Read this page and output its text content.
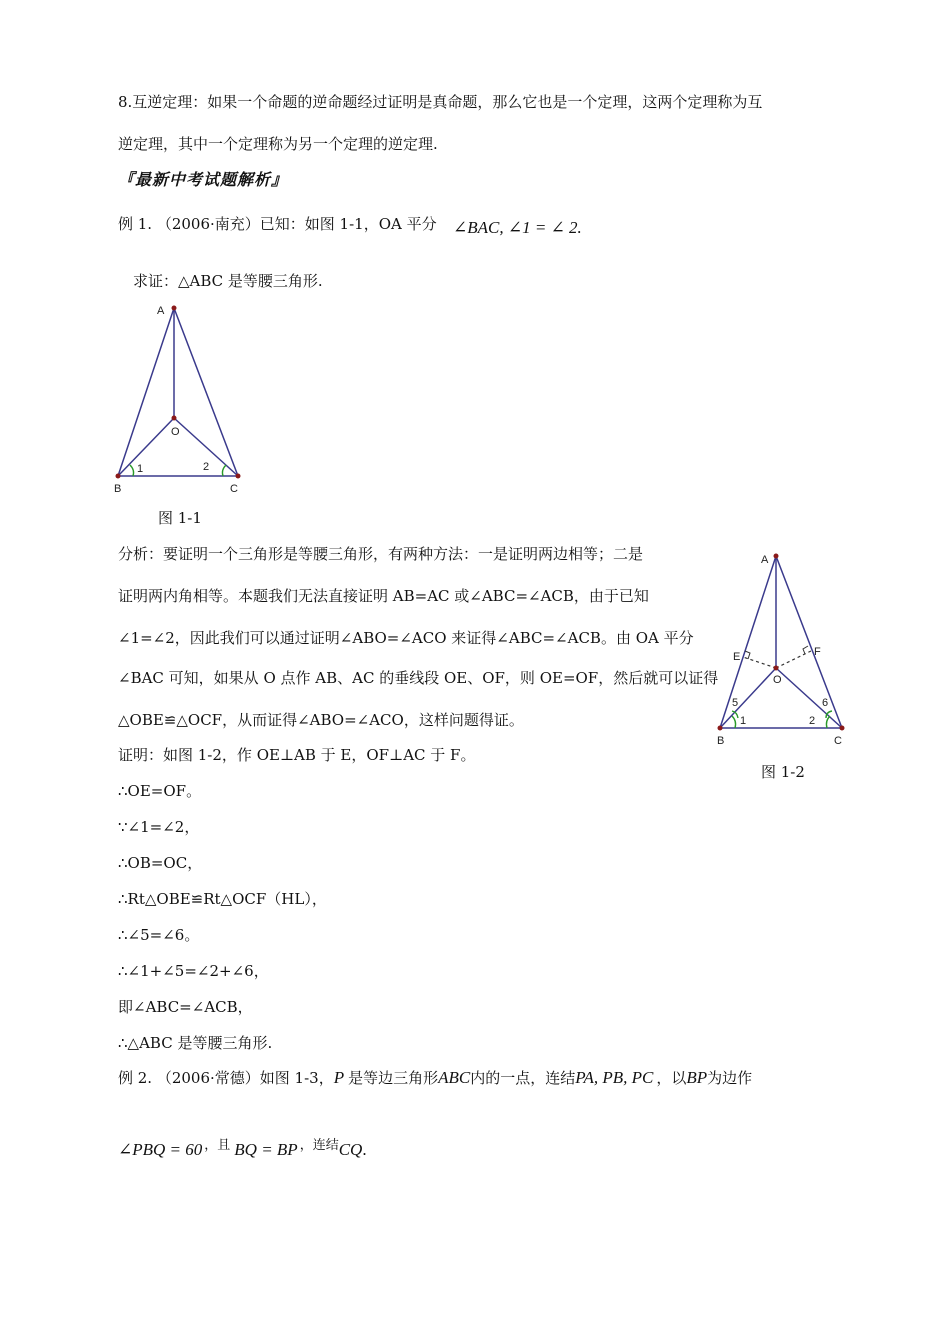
8.互逆定理：如果一个命题的逆命题经过证明是真命题，那么它也是一个定理，这两个定理称为互
逆定理，其中一个定理称为另一个定理的逆定理.
『最新中考试题解析』
例 1. （2006·南充）已知：如图 1-1，OA 平分 ∠BAC, ∠1 = ∠ 2.
求证：△ABC 是等腰三角形.
A
O
1	2
B	C
图 1-1
分析：要证明一个三角形是等腰三角形，有两种方法：一是证明两边相等；二是
证明两内角相等。本题我们无法直接证明 AB=AC 或∠ABC=∠ACB，由于已知
∠1=∠2，因此我们可以通过证明∠ABO=∠ACO 来证得∠ABC=∠ACB。由 OA 平分
∠BAC 可知，如果从 O 点作 AB、AC 的垂线段 OE、OF，则 OE=OF，然后就可以证得
△OBE≌△OCF，从而证得∠ABO=∠ACO，这样问题得证。
A
E	F
O
5	6
1	2
B	C
图 1-2
证明：如图 1-2，作 OE⊥AB 于 E，OF⊥AC 于 F。
∴OE=OF。
∵∠1=∠2，
∴OB=OC，
∴Rt△OBE≌Rt△OCF（HL），
∴∠5=∠6。
∴∠1+∠5=∠2+∠6，
即∠ABC=∠ACB，
∴△ABC 是等腰三角形.
例 2. （2006·常德）如图 1-3，P 是等边三角形ABC内的一点，连结PA, PB, PC ，以BP为边作
∠PBQ = 60 ，且 BQ = BP ，连结CQ.
